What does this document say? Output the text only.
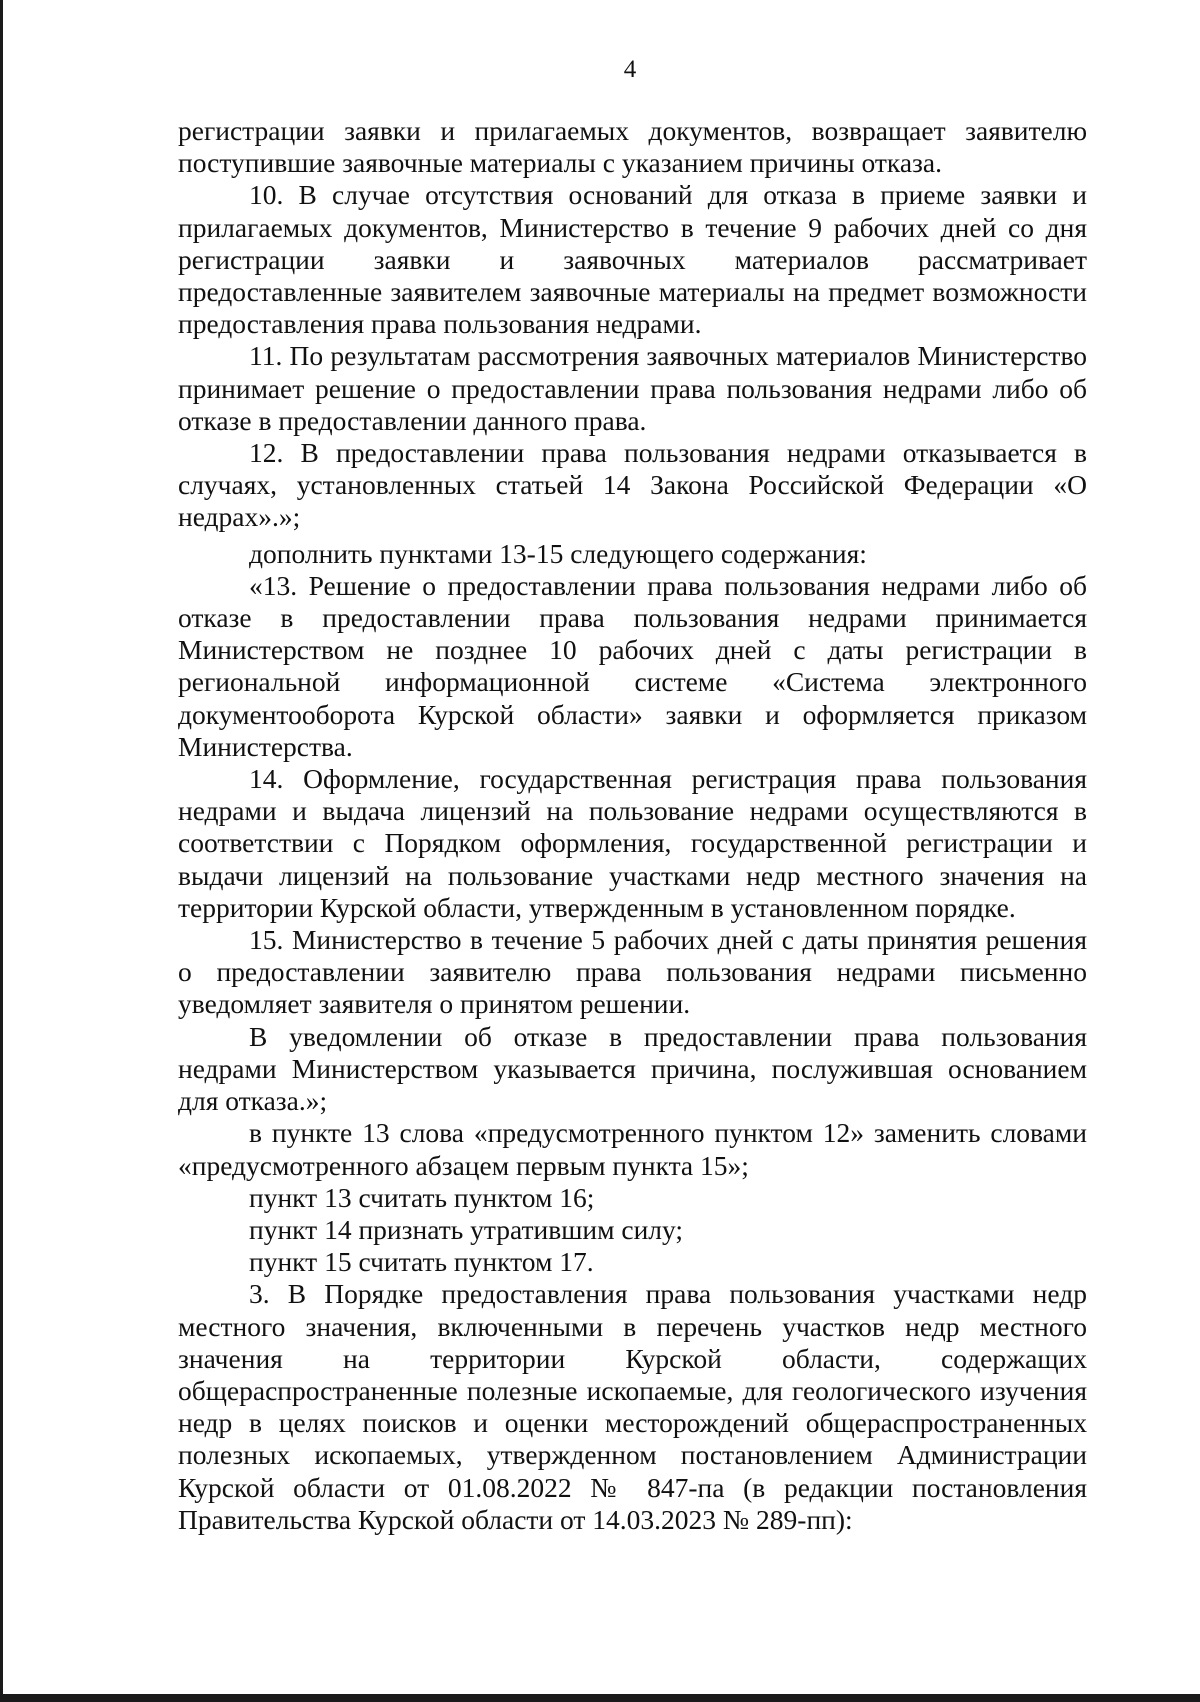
4

регистрации заявки и прилагаемых документов, возвращает заявителю поступившие заявочные материалы с указанием причины отказа.

10. В случае отсутствия оснований для отказа в приеме заявки и прилагаемых документов, Министерство в течение 9 рабочих дней со дня регистрации заявки и заявочных материалов рассматривает предоставленные заявителем заявочные материалы на предмет возможности предоставления права пользования недрами.

11. По результатам рассмотрения заявочных материалов Министерство принимает решение о предоставлении права пользования недрами либо об отказе в предоставлении данного права.

12. В предоставлении права пользования недрами отказывается в случаях, установленных статьей 14 Закона Российской Федерации «О недрах».»;

дополнить пунктами 13-15 следующего содержания:

«13. Решение о предоставлении права пользования недрами либо об отказе в предоставлении права пользования недрами принимается Министерством не позднее 10 рабочих дней с даты регистрации в региональной информационной системе «Система электронного документооборота Курской области» заявки и оформляется приказом Министерства.

14. Оформление, государственная регистрация права пользования недрами и выдача лицензий на пользование недрами осуществляются в соответствии с Порядком оформления, государственной регистрации и выдачи лицензий на пользование участками недр местного значения на территории Курской области, утвержденным в установленном порядке.

15. Министерство в течение 5 рабочих дней с даты принятия решения о предоставлении заявителю права пользования недрами письменно уведомляет заявителя о принятом решении.

В уведомлении об отказе в предоставлении права пользования недрами Министерством указывается причина, послужившая основанием для отказа.»;

в пункте 13 слова «предусмотренного пунктом 12» заменить словами «предусмотренного абзацем первым пункта 15»;

пункт 13 считать пунктом 16;

пункт 14 признать утратившим силу;

пункт 15 считать пунктом 17.

3. В Порядке предоставления права пользования участками недр местного значения, включенными в перечень участков недр местного значения на территории Курской области, содержащих общераспространенные полезные ископаемые, для геологического изучения недр в целях поисков и оценки месторождений общераспространенных полезных ископаемых, утвержденном постановлением Администрации Курской области от 01.08.2022 № 847-па (в редакции постановления Правительства Курской области от 14.03.2023 № 289-пп):
